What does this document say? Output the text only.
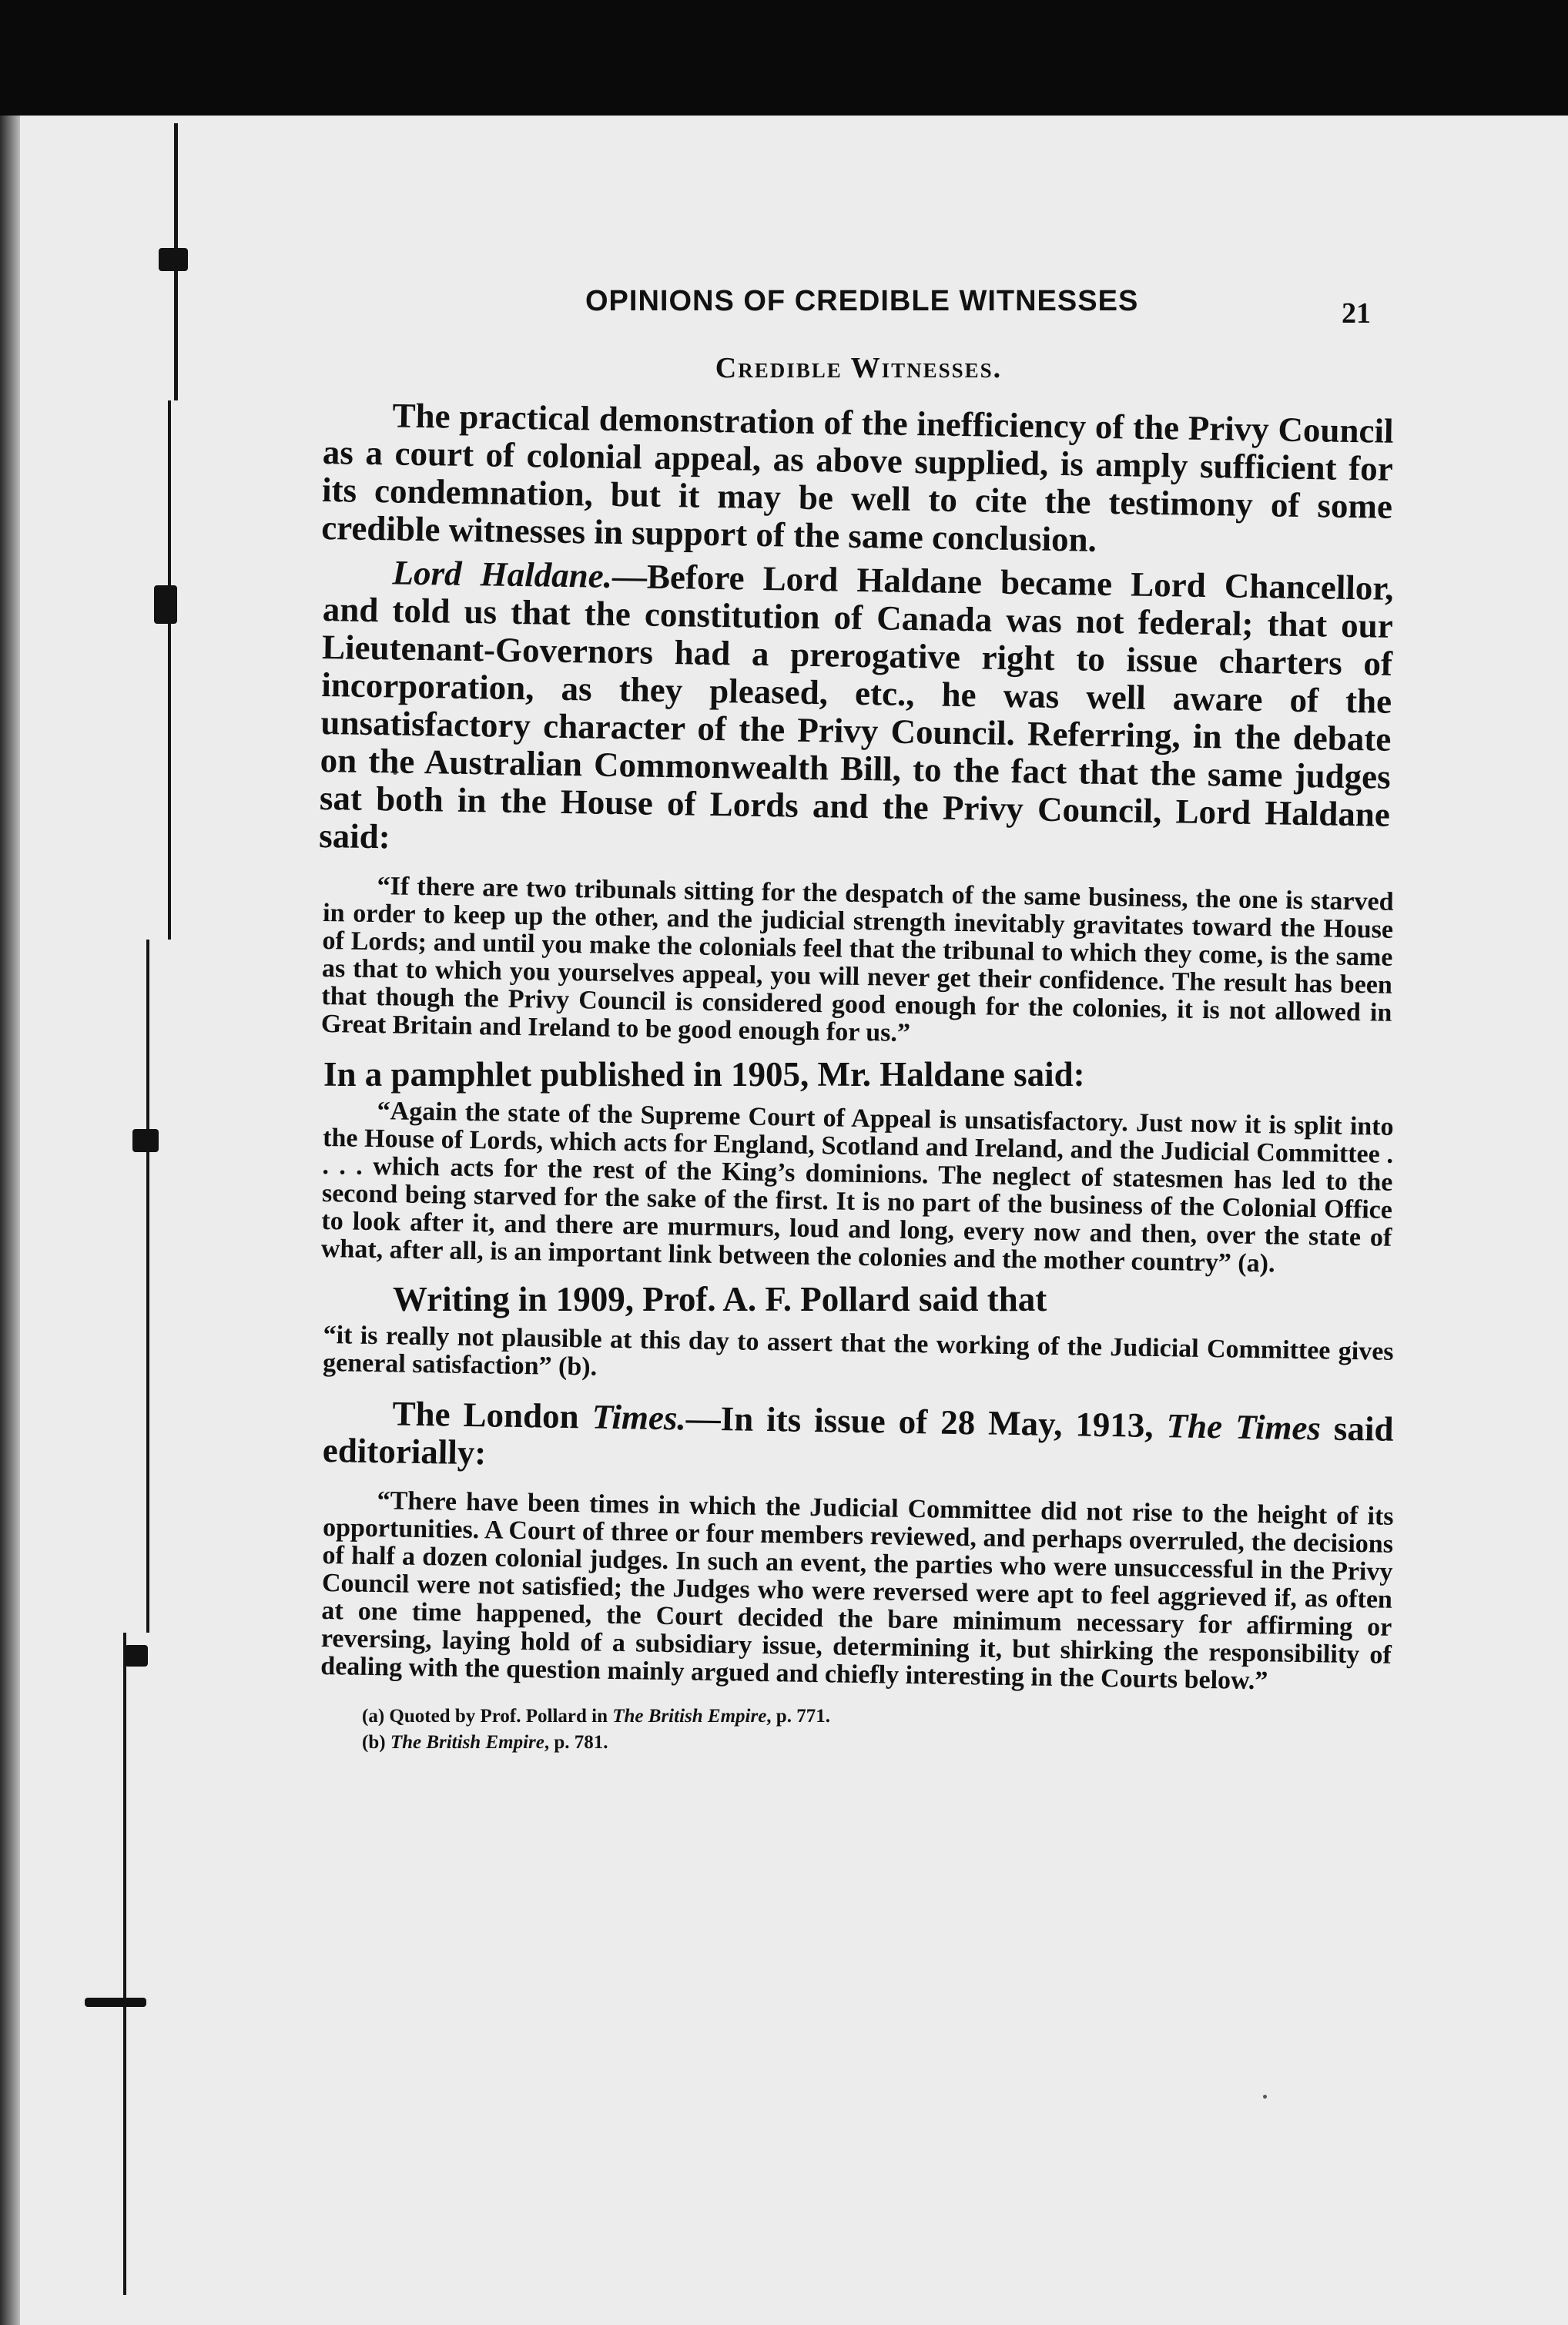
OPINIONS OF CREDIBLE WITNESSES	21
Credible Witnesses.

The practical demonstration of the inefficiency of the Privy Council as a court of colonial appeal, as above supplied, is amply sufficient for its condemnation, but it may be well to cite the testimony of some credible witnesses in support of the same conclusion.

Lord Haldane.—Before Lord Haldane became Lord Chancellor, and told us that the constitution of Canada was not federal; that our Lieutenant-Governors had a prerogative right to issue charters of incorporation, as they pleased, etc., he was well aware of the unsatisfactory character of the Privy Council. Referring, in the debate on the Australian Commonwealth Bill, to the fact that the same judges sat both in the House of Lords and the Privy Council, Lord Haldane said:

“If there are two tribunals sitting for the despatch of the same business, the one is starved in order to keep up the other, and the judicial strength inevitably gravitates toward the House of Lords; and until you make the colonials feel that the tribunal to which they come, is the same as that to which you yourselves appeal, you will never get their confidence. The result has been that though the Privy Council is considered good enough for the colonies, it is not allowed in Great Britain and Ireland to be good enough for us.”

In a pamphlet published in 1905, Mr. Haldane said:

“Again the state of the Supreme Court of Appeal is unsatisfactory. Just now it is split into the House of Lords, which acts for England, Scotland and Ireland, and the Judicial Committee . . . . which acts for the rest of the King’s dominions. The neglect of statesmen has led to the second being starved for the sake of the first. It is no part of the business of the Colonial Office to look after it, and there are murmurs, loud and long, every now and then, over the state of what, after all, is an important link between the colonies and the mother country” (a).

Writing in 1909, Prof. A. F. Pollard said that

“it is really not plausible at this day to assert that the working of the Judicial Committee gives general satisfaction” (b).

The London Times.—In its issue of 28 May, 1913, The Times said editorially:

“There have been times in which the Judicial Committee did not rise to the height of its opportunities. A Court of three or four members reviewed, and perhaps overruled, the decisions of half a dozen colonial judges. In such an event, the parties who were unsuccessful in the Privy Council were not satisfied; the Judges who were reversed were apt to feel aggrieved if, as often at one time happened, the Court decided the bare minimum necessary for affirming or reversing, laying hold of a subsidiary issue, determining it, but shirking the responsibility of dealing with the question mainly argued and chiefly interesting in the Courts below.”

(a) Quoted by Prof. Pollard in The British Empire, p. 771.
(b) The British Empire, p. 781.
